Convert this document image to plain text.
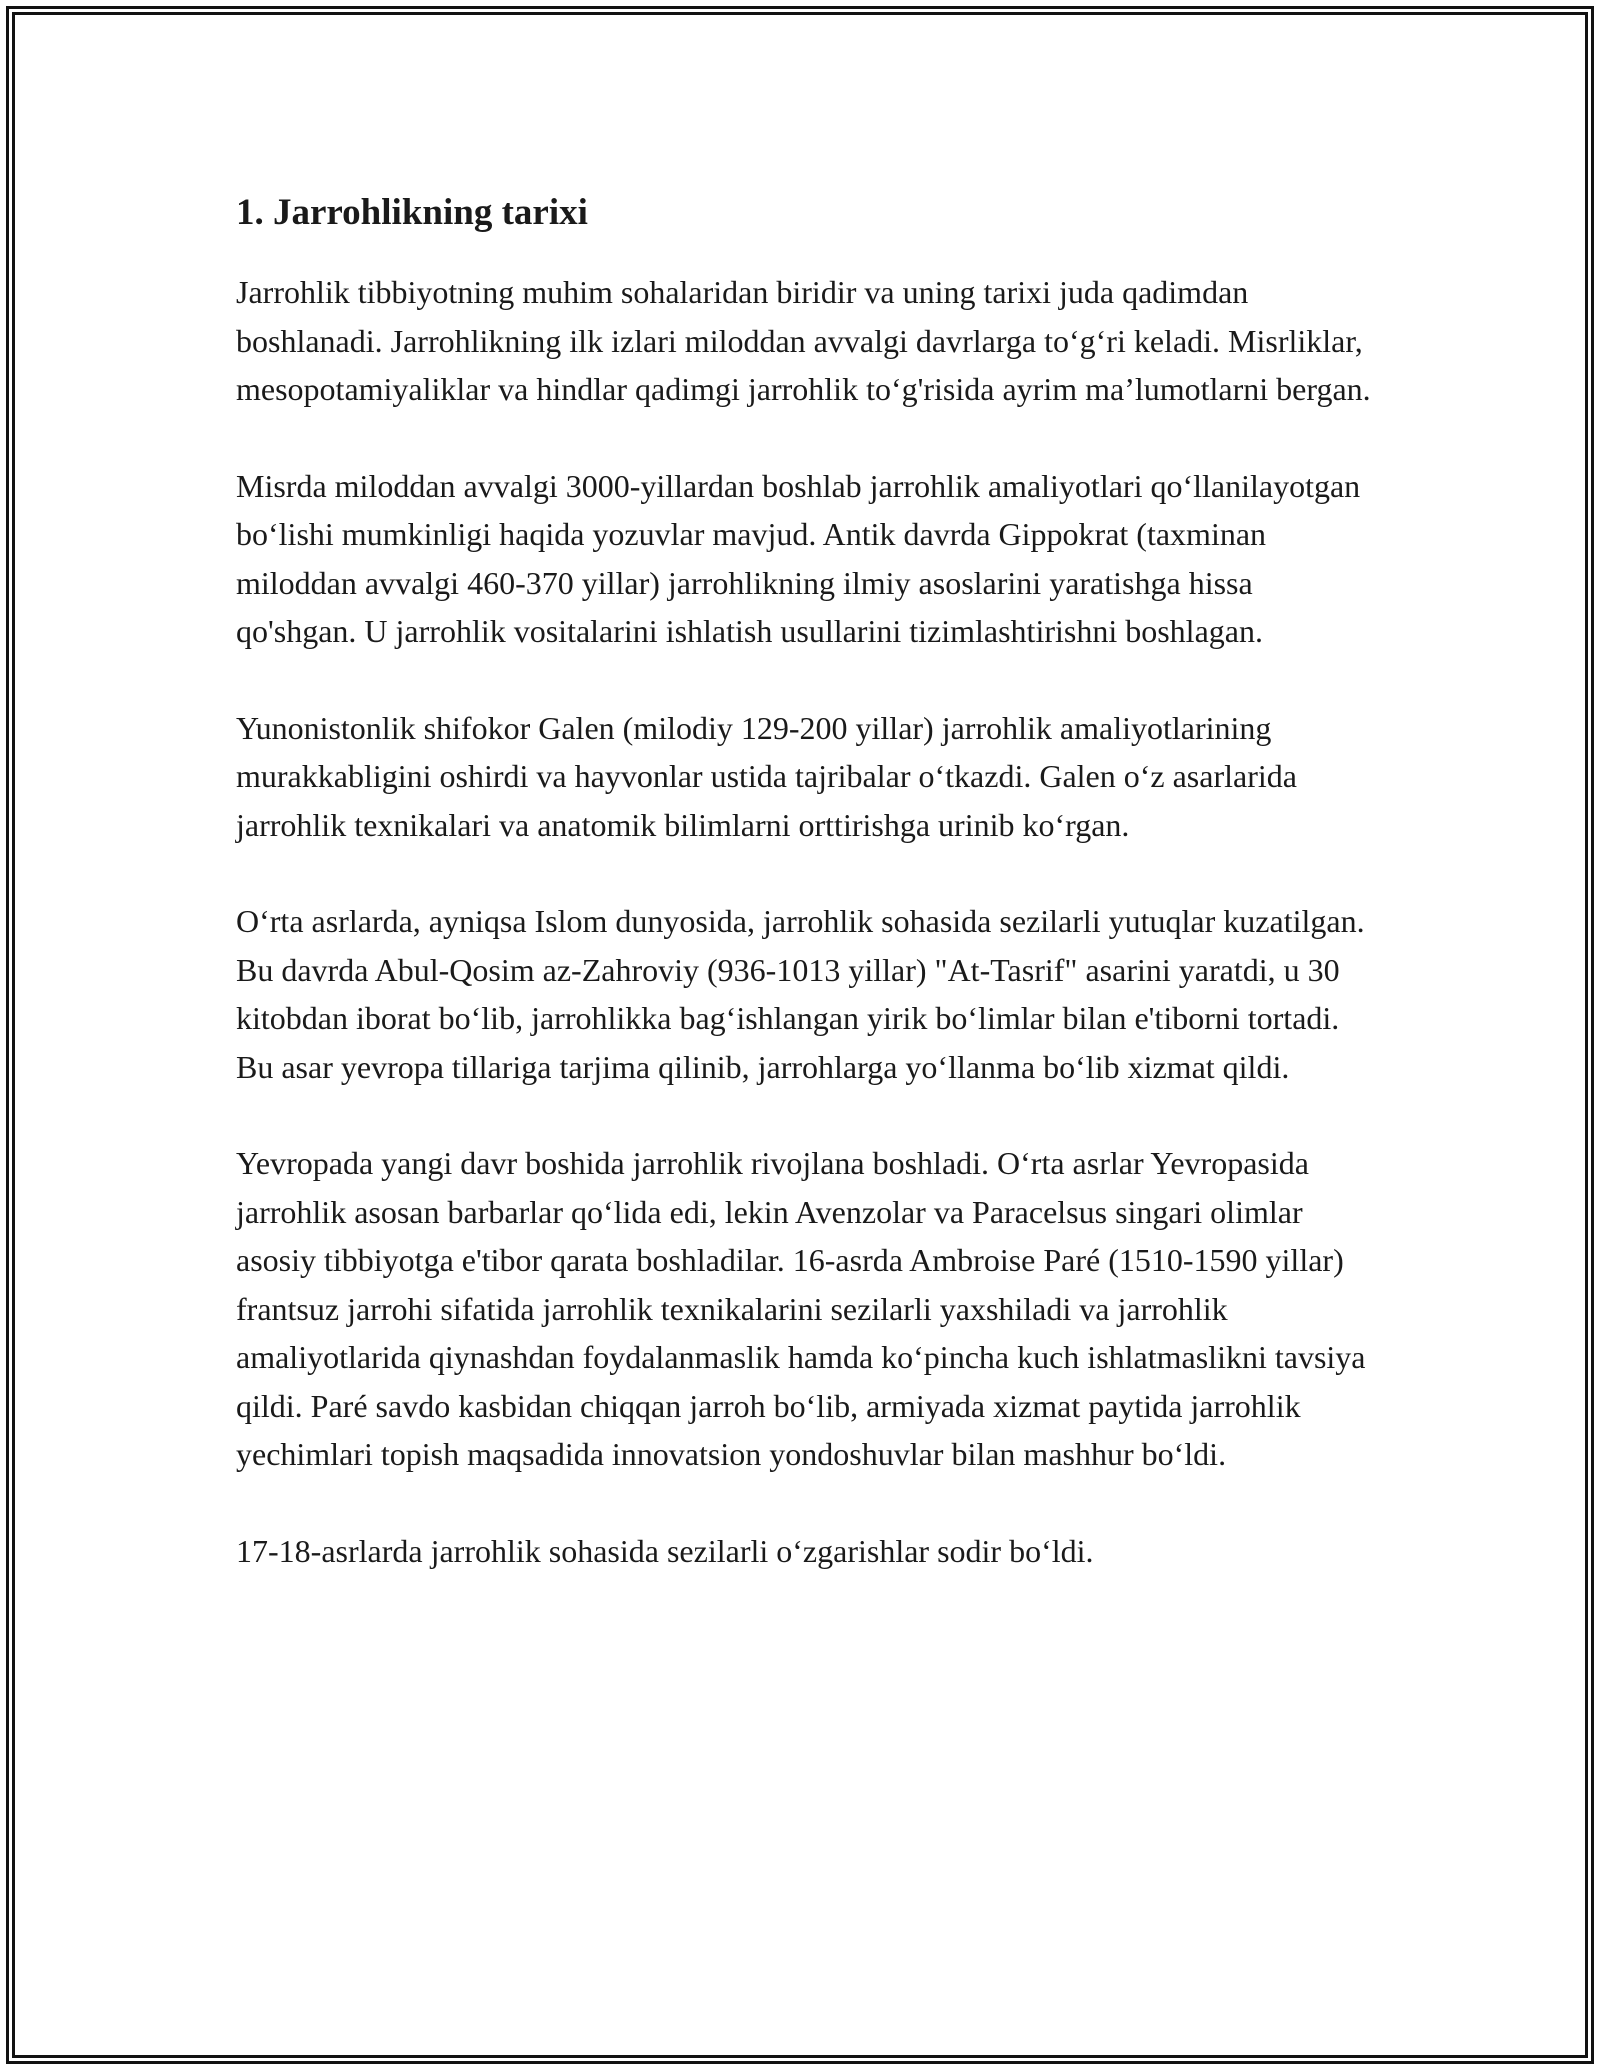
1. Jarrohlikning tarixi

Jarrohlik tibbiyotning muhim sohalaridan biridir va uning tarixi juda qadimdan boshlanadi. Jarrohlikning ilk izlari miloddan avvalgi davrlarga to‘g‘ri keladi. Misrliklar, mesopotamiyaliklar va hindlar qadimgi jarrohlik to‘g'risida ayrim ma’lumotlarni bergan.

Misrda miloddan avvalgi 3000-yillardan boshlab jarrohlik amaliyotlari qo‘llanilayotgan bo‘lishi mumkinligi haqida yozuvlar mavjud. Antik davrda Gippokrat (taxminan miloddan avvalgi 460-370 yillar) jarrohlikning ilmiy asoslarini yaratishga hissa qo'shgan. U jarrohlik vositalarini ishlatish usullarini tizimlashtirishni boshlagan.

Yunonistonlik shifokor Galen (milodiy 129-200 yillar) jarrohlik amaliyotlarining murakkabligini oshirdi va hayvonlar ustida tajribalar o‘tkazdi. Galen o‘z asarlarida jarrohlik texnikalari va anatomik bilimlarni orttirishga urinib ko‘rgan.

O‘rta asrlarda, ayniqsa Islom dunyosida, jarrohlik sohasida sezilarli yutuqlar kuzatilgan. Bu davrda Abul-Qosim az-Zahroviy (936-1013 yillar) "At-Tasrif" asarini yaratdi, u 30 kitobdan iborat bo‘lib, jarrohlikka bag‘ishlangan yirik bo‘limlar bilan e'tiborni tortadi. Bu asar yevropa tillariga tarjima qilinib, jarrohlarga yo‘llanma bo‘lib xizmat qildi.

Yevropada yangi davr boshida jarrohlik rivojlana boshladi. O‘rta asrlar Yevropasida jarrohlik asosan barbarlar qo‘lida edi, lekin Avenzolar va Paracelsus singari olimlar asosiy tibbiyotga e'tibor qarata boshladilar. 16-asrda Ambroise Paré (1510-1590 yillar) frantsuz jarrohi sifatida jarrohlik texnikalarini sezilarli yaxshiladi va jarrohlik amaliyotlarida qiynashdan foydalanmaslik hamda ko‘pincha kuch ishlatmaslikni tavsiya qildi. Paré savdo kasbidan chiqqan jarroh bo‘lib, armiyada xizmat paytida jarrohlik yechimlari topish maqsadida innovatsion yondoshuvlar bilan mashhur bo‘ldi.

17-18-asrlarda jarrohlik sohasida sezilarli o‘zgarishlar sodir bo‘ldi.
